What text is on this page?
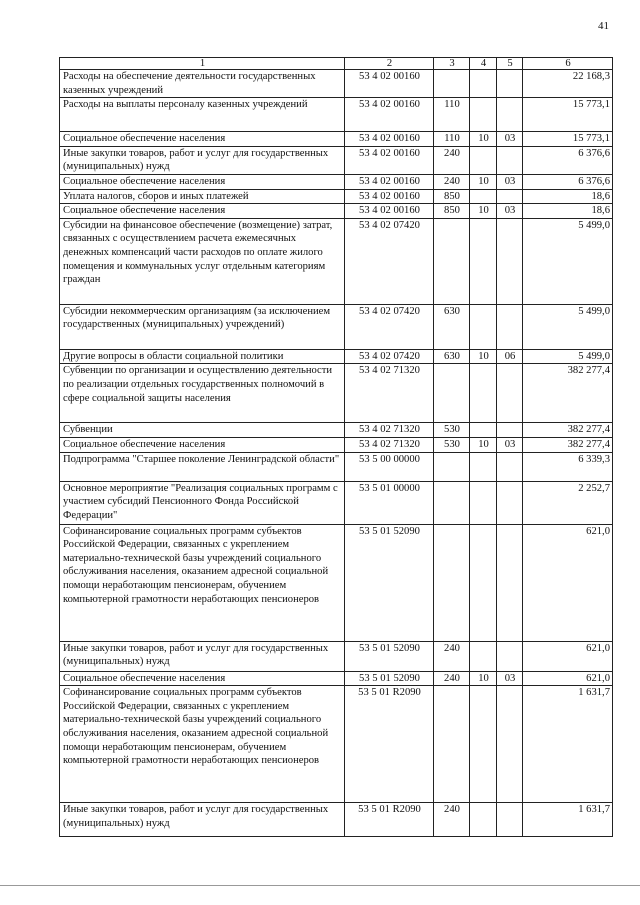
41
1	2	3	4	5	6
Расходы на обеспечение деятельности государственных казенных учреждений	53 4 02 00160				22 168,3
Расходы на выплаты персоналу казенных учреждений	53 4 02 00160	110			15 773,1
Социальное обеспечение населения	53 4 02 00160	110	10	03	15 773,1
Иные закупки товаров, работ и услуг для государственных (муниципальных) нужд	53 4 02 00160	240			6 376,6
Социальное обеспечение населения	53 4 02 00160	240	10	03	6 376,6
Уплата налогов, сборов и иных платежей	53 4 02 00160	850			18,6
Социальное обеспечение населения	53 4 02 00160	850	10	03	18,6
Субсидии на финансовое обеспечение (возмещение) затрат, связанных с осуществлением расчета ежемесячных денежных компенсаций части расходов по оплате жилого помещения и коммунальных услуг отдельным категориям граждан	53 4 02 07420				5 499,0
Субсидии некоммерческим организациям (за исключением государственных (муниципальных) учреждений)	53 4 02 07420	630			5 499,0
Другие вопросы в области социальной политики	53 4 02 07420	630	10	06	5 499,0
Субвенции по организации и осуществлению деятельности по реализации отдельных государственных полномочий в сфере социальной защиты населения	53 4 02 71320				382 277,4
Субвенции	53 4 02 71320	530			382 277,4
Социальное обеспечение населения	53 4 02 71320	530	10	03	382 277,4
Подпрограмма "Старшее поколение Ленинградской области"	53 5 00 00000				6 339,3
Основное мероприятие "Реализация социальных программ с участием субсидий Пенсионного Фонда Российской Федерации"	53 5 01 00000				2 252,7
Софинансирование социальных программ субъектов Российской Федерации, связанных с укреплением материально-технической базы учреждений социального обслуживания населения, оказанием адресной социальной помощи неработающим пенсионерам, обучением компьютерной грамотности неработающих пенсионеров	53 5 01 52090				621,0
Иные закупки товаров, работ и услуг для государственных (муниципальных) нужд	53 5 01 52090	240			621,0
Социальное обеспечение населения	53 5 01 52090	240	10	03	621,0
Софинансирование социальных программ субъектов Российской Федерации, связанных с укреплением материально-технической базы учреждений социального обслуживания населения, оказанием адресной социальной помощи неработающим пенсионерам, обучением компьютерной грамотности неработающих пенсионеров	53 5 01 R2090				1 631,7
Иные закупки товаров, работ и услуг для государственных (муниципальных) нужд	53 5 01 R2090	240			1 631,7
